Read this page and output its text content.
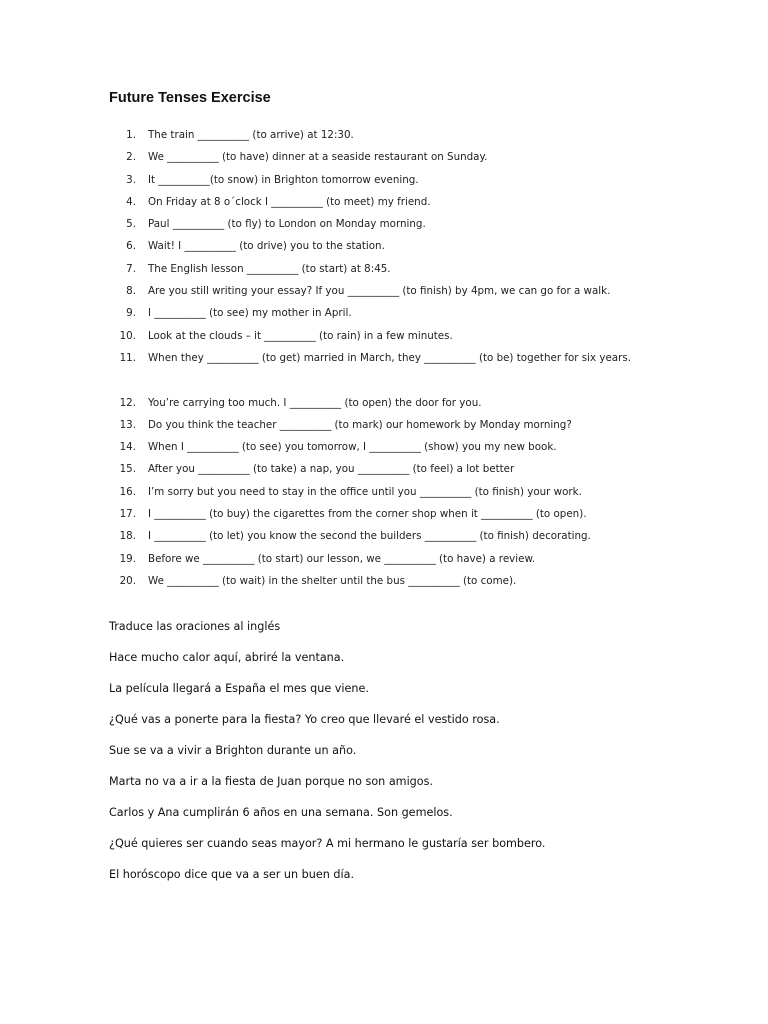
Future Tenses Exercise
1. The train __________ (to arrive) at 12:30.
2. We __________ (to have) dinner at a seaside restaurant on Sunday.
3. It __________(to snow) in Brighton tomorrow evening.
4. On Friday at 8 o´clock I __________ (to meet) my friend.
5. Paul __________ (to fly) to London on Monday morning.
6. Wait! I __________ (to drive) you to the station.
7. The English lesson __________ (to start) at 8:45.
8. Are you still writing your essay? If you __________ (to finish) by 4pm, we can go for a walk.
9. I __________ (to see) my mother in April.
10. Look at the clouds – it __________ (to rain) in a few minutes.
11. When they __________ (to get) married in March, they __________ (to be) together for six years.
12. You’re carrying too much. I __________ (to open) the door for you.
13. Do you think the teacher __________ (to mark) our homework by Monday morning?
14. When I __________ (to see) you tomorrow, I __________ (show) you my new book.
15. After you __________ (to take) a nap, you __________ (to feel) a lot better
16. I’m sorry but you need to stay in the office until you __________ (to finish) your work.
17. I __________ (to buy) the cigarettes from the corner shop when it __________ (to open).
18. I __________ (to let) you know the second the builders __________ (to finish) decorating.
19. Before we __________ (to start) our lesson, we __________ (to have) a review.
20. We __________ (to wait) in the shelter until the bus __________ (to come).
Traduce las oraciones al inglés
Hace mucho calor aquí, abriré la ventana.
La película llegará a España el mes que viene.
¿Qué vas a ponerte para la fiesta? Yo creo que llevaré el vestido rosa.
Sue se va a vivir a Brighton durante un año.
Marta no va a ir a la fiesta de Juan porque no son amigos.
Carlos y Ana cumplirán 6 años en una semana. Son gemelos.
¿Qué quieres ser cuando seas mayor? A mi hermano le gustaría ser bombero.
El horóscopo dice que va a ser un buen día.
